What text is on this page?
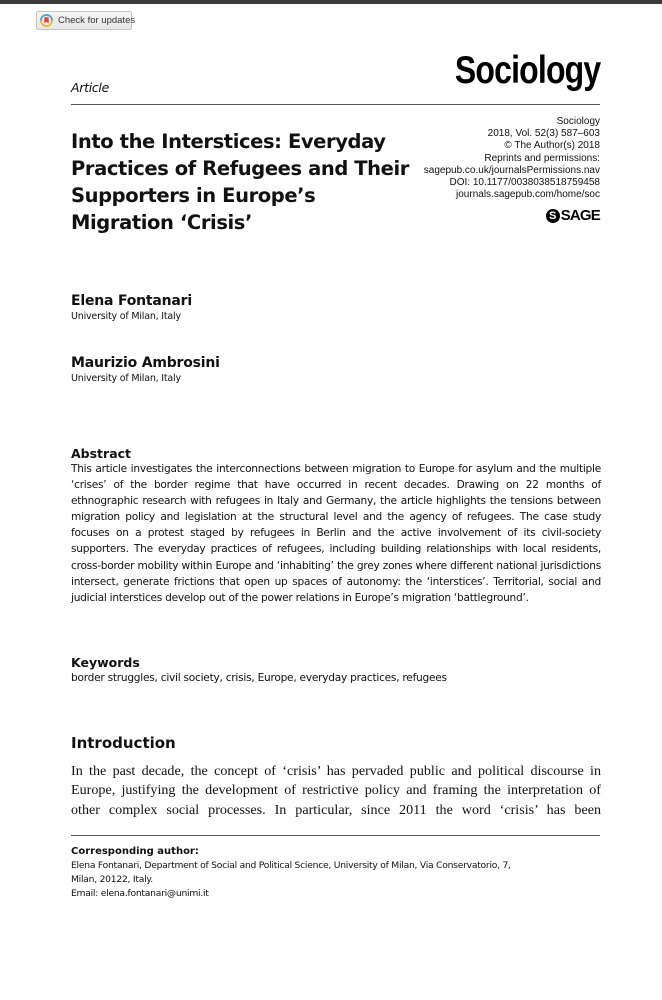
Check for updates
Article	Sociology
Sociology
2018, Vol. 52(3) 587–603
© The Author(s) 2018
Reprints and permissions:
sagepub.co.uk/journalsPermissions.nav
DOI: 10.1177/0038038518759458
journals.sagepub.com/home/soc
S SAGE
Into the Interstices: Everyday Practices of Refugees and Their Supporters in Europe’s Migration ‘Crisis’
Elena Fontanari
University of Milan, Italy
Maurizio Ambrosini
University of Milan, Italy
Abstract

This article investigates the interconnections between migration to Europe for asylum and the multiple ‘crises’ of the border regime that have occurred in recent decades. Drawing on 22 months of ethnographic research with refugees in Italy and Germany, the article highlights the tensions between migration policy and legislation at the structural level and the agency of refugees. The case study focuses on a protest staged by refugees in Berlin and the active involvement of its civil-society supporters. The everyday practices of refugees, including building relationships with local residents, cross-border mobility within Europe and ‘inhabiting’ the grey zones where different national jurisdictions intersect, generate frictions that open up spaces of autonomy: the ‘interstices’. Territorial, social and judicial interstices develop out of the power relations in Europe’s migration ‘battleground’.

Keywords
border struggles, civil society, crisis, Europe, everyday practices, refugees
Introduction

In the past decade, the concept of ‘crisis’ has pervaded public and political discourse in Europe, justifying the development of restrictive policy and framing the interpretation of other complex social processes. In particular, since 2011 the word ‘crisis’ has been

Corresponding author:
Elena Fontanari, Department of Social and Political Science, University of Milan, Via Conservatorio, 7,
Milan, 20122, Italy.
Email: elena.fontanari@unimi.it
